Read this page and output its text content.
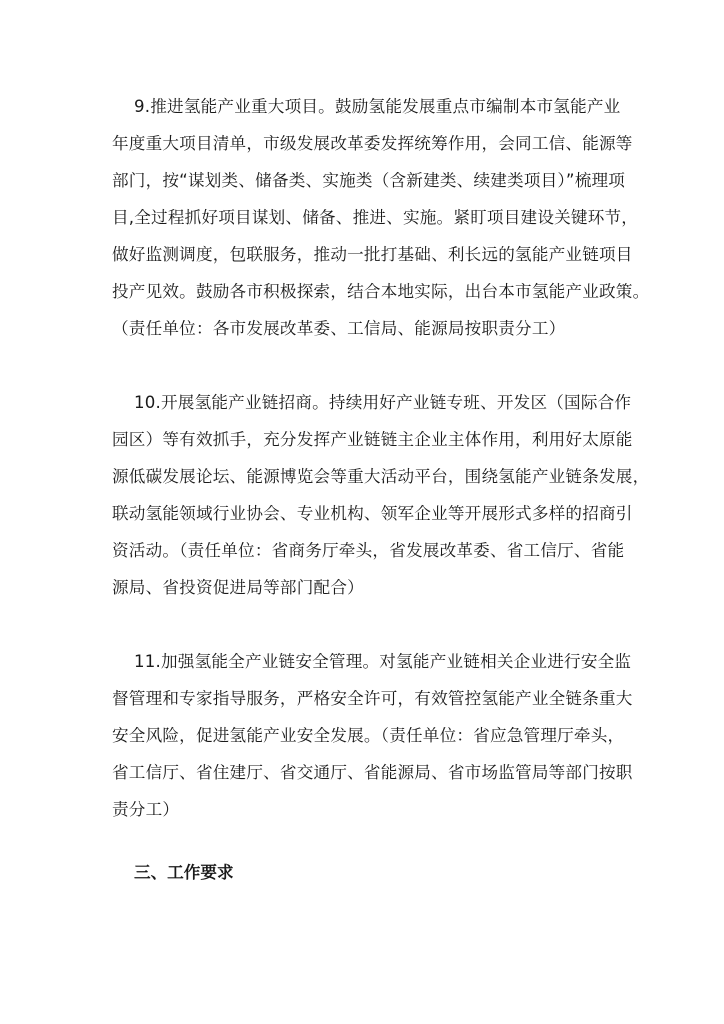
9.推进氢能产业重大项目。鼓励氢能发展重点市编制本市氢能产业
年度重大项目清单，市级发展改革委发挥统筹作用，会同工信、能源等
部门，按“谋划类、储备类、实施类（含新建类、续建类项目）”梳理项
目,全过程抓好项目谋划、储备、推进、实施。紧盯项目建设关键环节，
做好监测调度，包联服务，推动一批打基础、利长远的氢能产业链项目
投产见效。鼓励各市积极探索，结合本地实际，出台本市氢能产业政策。
（责任单位：各市发展改革委、工信局、能源局按职责分工）
10.开展氢能产业链招商。持续用好产业链专班、开发区（国际合作
园区）等有效抓手，充分发挥产业链链主企业主体作用，利用好太原能
源低碳发展论坛、能源博览会等重大活动平台，围绕氢能产业链条发展，
联动氢能领域行业协会、专业机构、领军企业等开展形式多样的招商引
资活动。（责任单位：省商务厅牵头，省发展改革委、省工信厅、省能
源局、省投资促进局等部门配合）
11.加强氢能全产业链安全管理。对氢能产业链相关企业进行安全监
督管理和专家指导服务，严格安全许可，有效管控氢能产业全链条重大
安全风险，促进氢能产业安全发展。（责任单位：省应急管理厅牵头，
省工信厅、省住建厅、省交通厅、省能源局、省市场监管局等部门按职
责分工）
三、工作要求
